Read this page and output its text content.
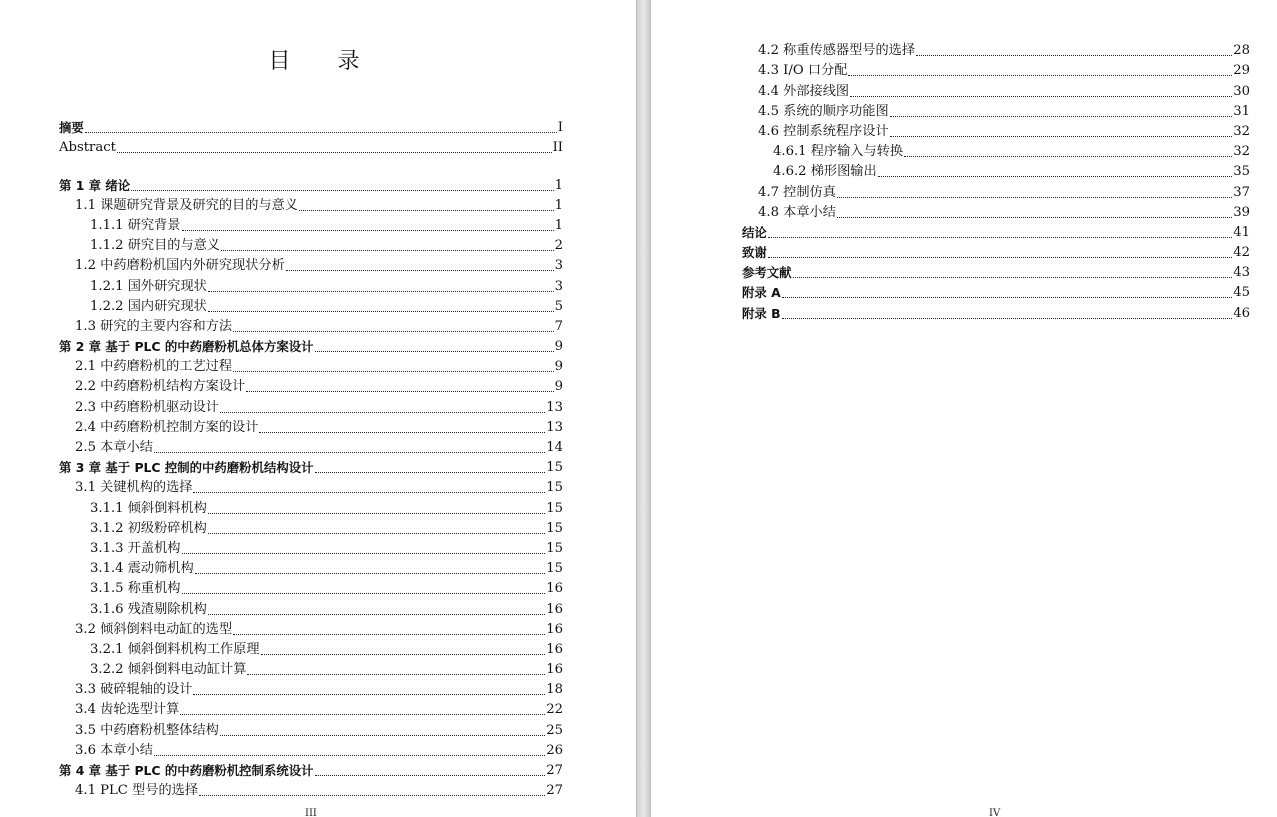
目 录
摘要	I
Abstract	II
第 1 章 绪论	1
1.1 课题研究背景及研究的目的与意义	1
1.1.1 研究背景	1
1.1.2 研究目的与意义	2
1.2 中药磨粉机国内外研究现状分析	3
1.2.1 国外研究现状	3
1.2.2 国内研究现状	5
1.3 研究的主要内容和方法	7
第 2 章 基于 PLC 的中药磨粉机总体方案设计	9
2.1 中药磨粉机的工艺过程	9
2.2 中药磨粉机结构方案设计	9
2.3 中药磨粉机驱动设计	13
2.4 中药磨粉机控制方案的设计	13
2.5 本章小结	14
第 3 章 基于 PLC 控制的中药磨粉机结构设计	15
3.1 关键机构的选择	15
3.1.1 倾斜倒料机构	15
3.1.2 初级粉碎机构	15
3.1.3 开盖机构	15
3.1.4 震动筛机构	15
3.1.5 称重机构	16
3.1.6 残渣剔除机构	16
3.2 倾斜倒料电动缸的选型	16
3.2.1 倾斜倒料机构工作原理	16
3.2.2 倾斜倒料电动缸计算	16
3.3 破碎辊轴的设计	18
3.4 齿轮选型计算	22
3.5 中药磨粉机整体结构	25
3.6 本章小结	26
第 4 章 基于 PLC 的中药磨粉机控制系统设计	27
4.1 PLC 型号的选择	27
III
4.2 称重传感器型号的选择	28
4.3 I/O 口分配	29
4.4 外部接线图	30
4.5 系统的顺序功能图	31
4.6 控制系统程序设计	32
4.6.1 程序输入与转换	32
4.6.2 梯形图输出	35
4.7 控制仿真	37
4.8 本章小结	39
结论	41
致谢	42
参考文献	43
附录 A	45
附录 B	46
IV
